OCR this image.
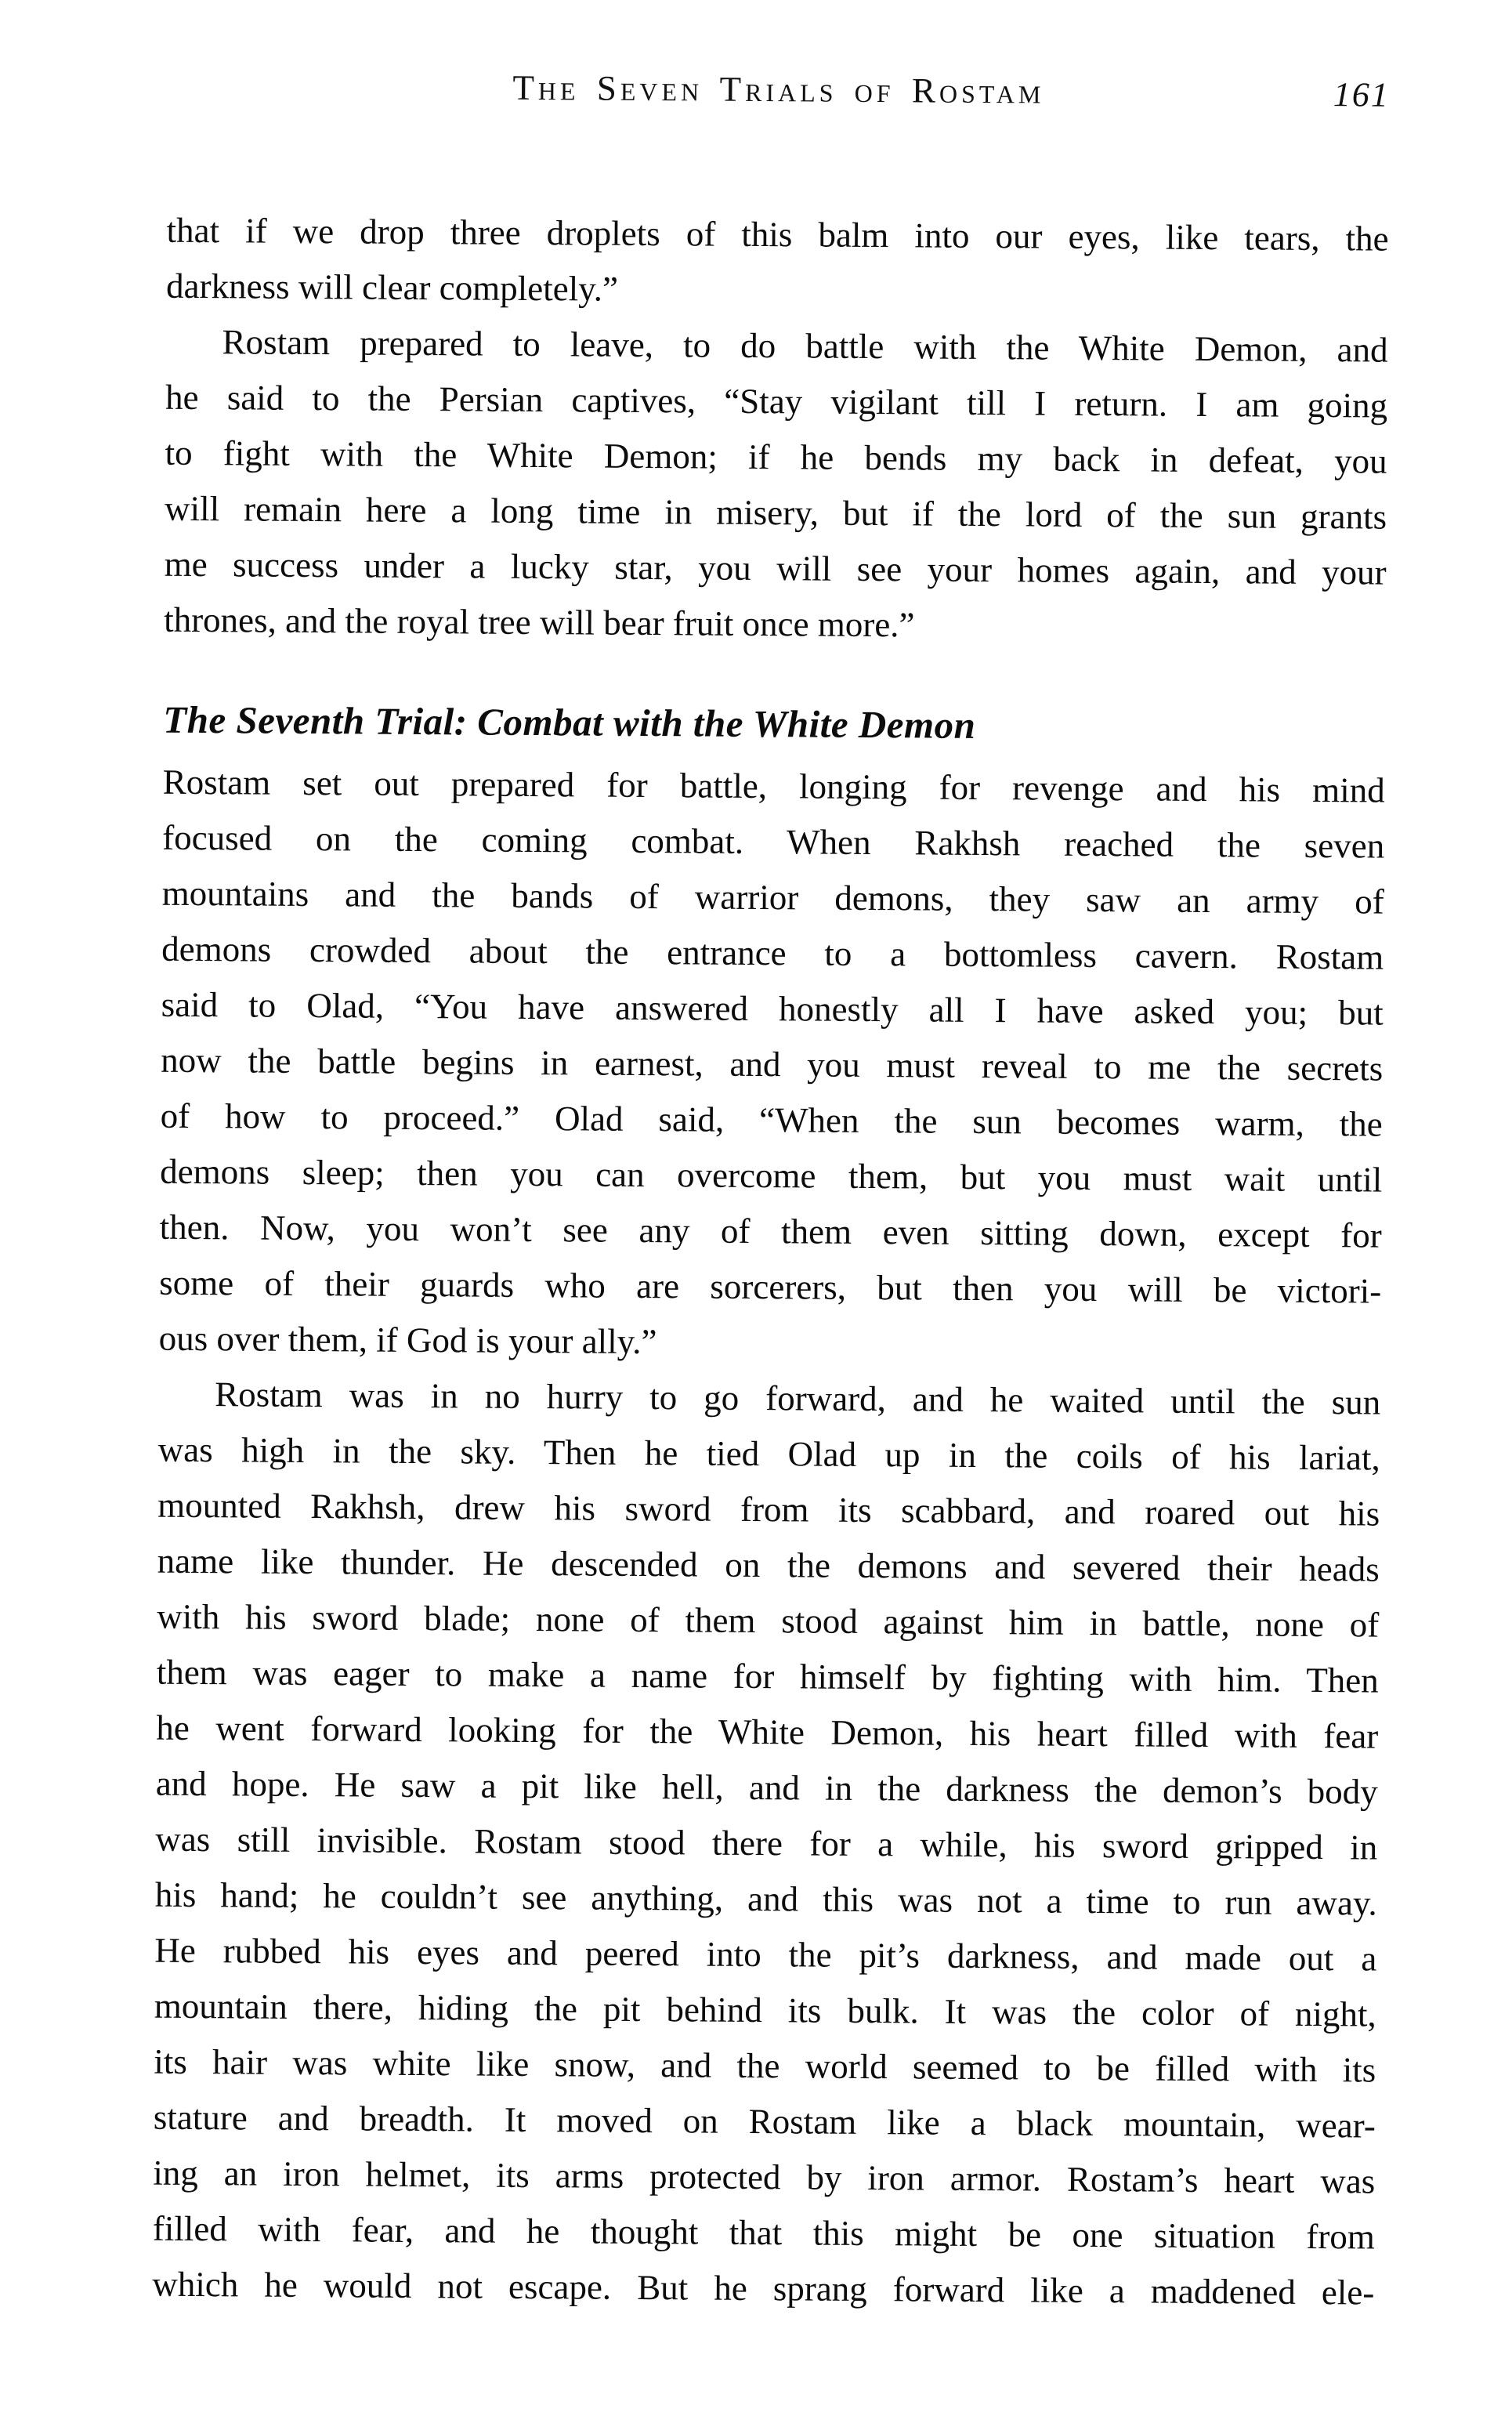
The Seven Trials of Rostam	161
that if we drop three droplets of this balm into our eyes, like tears, the
darkness will clear completely.”
Rostam prepared to leave, to do battle with the White Demon, and
he said to the Persian captives, “Stay vigilant till I return. I am going
to fight with the White Demon; if he bends my back in defeat, you
will remain here a long time in misery, but if the lord of the sun grants
me success under a lucky star, you will see your homes again, and your
thrones, and the royal tree will bear fruit once more.”
The Seventh Trial: Combat with the White Demon
Rostam set out prepared for battle, longing for revenge and his mind
focused on the coming combat. When Rakhsh reached the seven
mountains and the bands of warrior demons, they saw an army of
demons crowded about the entrance to a bottomless cavern. Rostam
said to Olad, “You have answered honestly all I have asked you; but
now the battle begins in earnest, and you must reveal to me the secrets
of how to proceed.” Olad said, “When the sun becomes warm, the
demons sleep; then you can overcome them, but you must wait until
then. Now, you won’t see any of them even sitting down, except for
some of their guards who are sorcerers, but then you will be victori-
ous over them, if God is your ally.”
Rostam was in no hurry to go forward, and he waited until the sun
was high in the sky. Then he tied Olad up in the coils of his lariat,
mounted Rakhsh, drew his sword from its scabbard, and roared out his
name like thunder. He descended on the demons and severed their heads
with his sword blade; none of them stood against him in battle, none of
them was eager to make a name for himself by fighting with him. Then
he went forward looking for the White Demon, his heart filled with fear
and hope. He saw a pit like hell, and in the darkness the demon’s body
was still invisible. Rostam stood there for a while, his sword gripped in
his hand; he couldn’t see anything, and this was not a time to run away.
He rubbed his eyes and peered into the pit’s darkness, and made out a
mountain there, hiding the pit behind its bulk. It was the color of night,
its hair was white like snow, and the world seemed to be filled with its
stature and breadth. It moved on Rostam like a black mountain, wear-
ing an iron helmet, its arms protected by iron armor. Rostam’s heart was
filled with fear, and he thought that this might be one situation from
which he would not escape. But he sprang forward like a maddened ele-
